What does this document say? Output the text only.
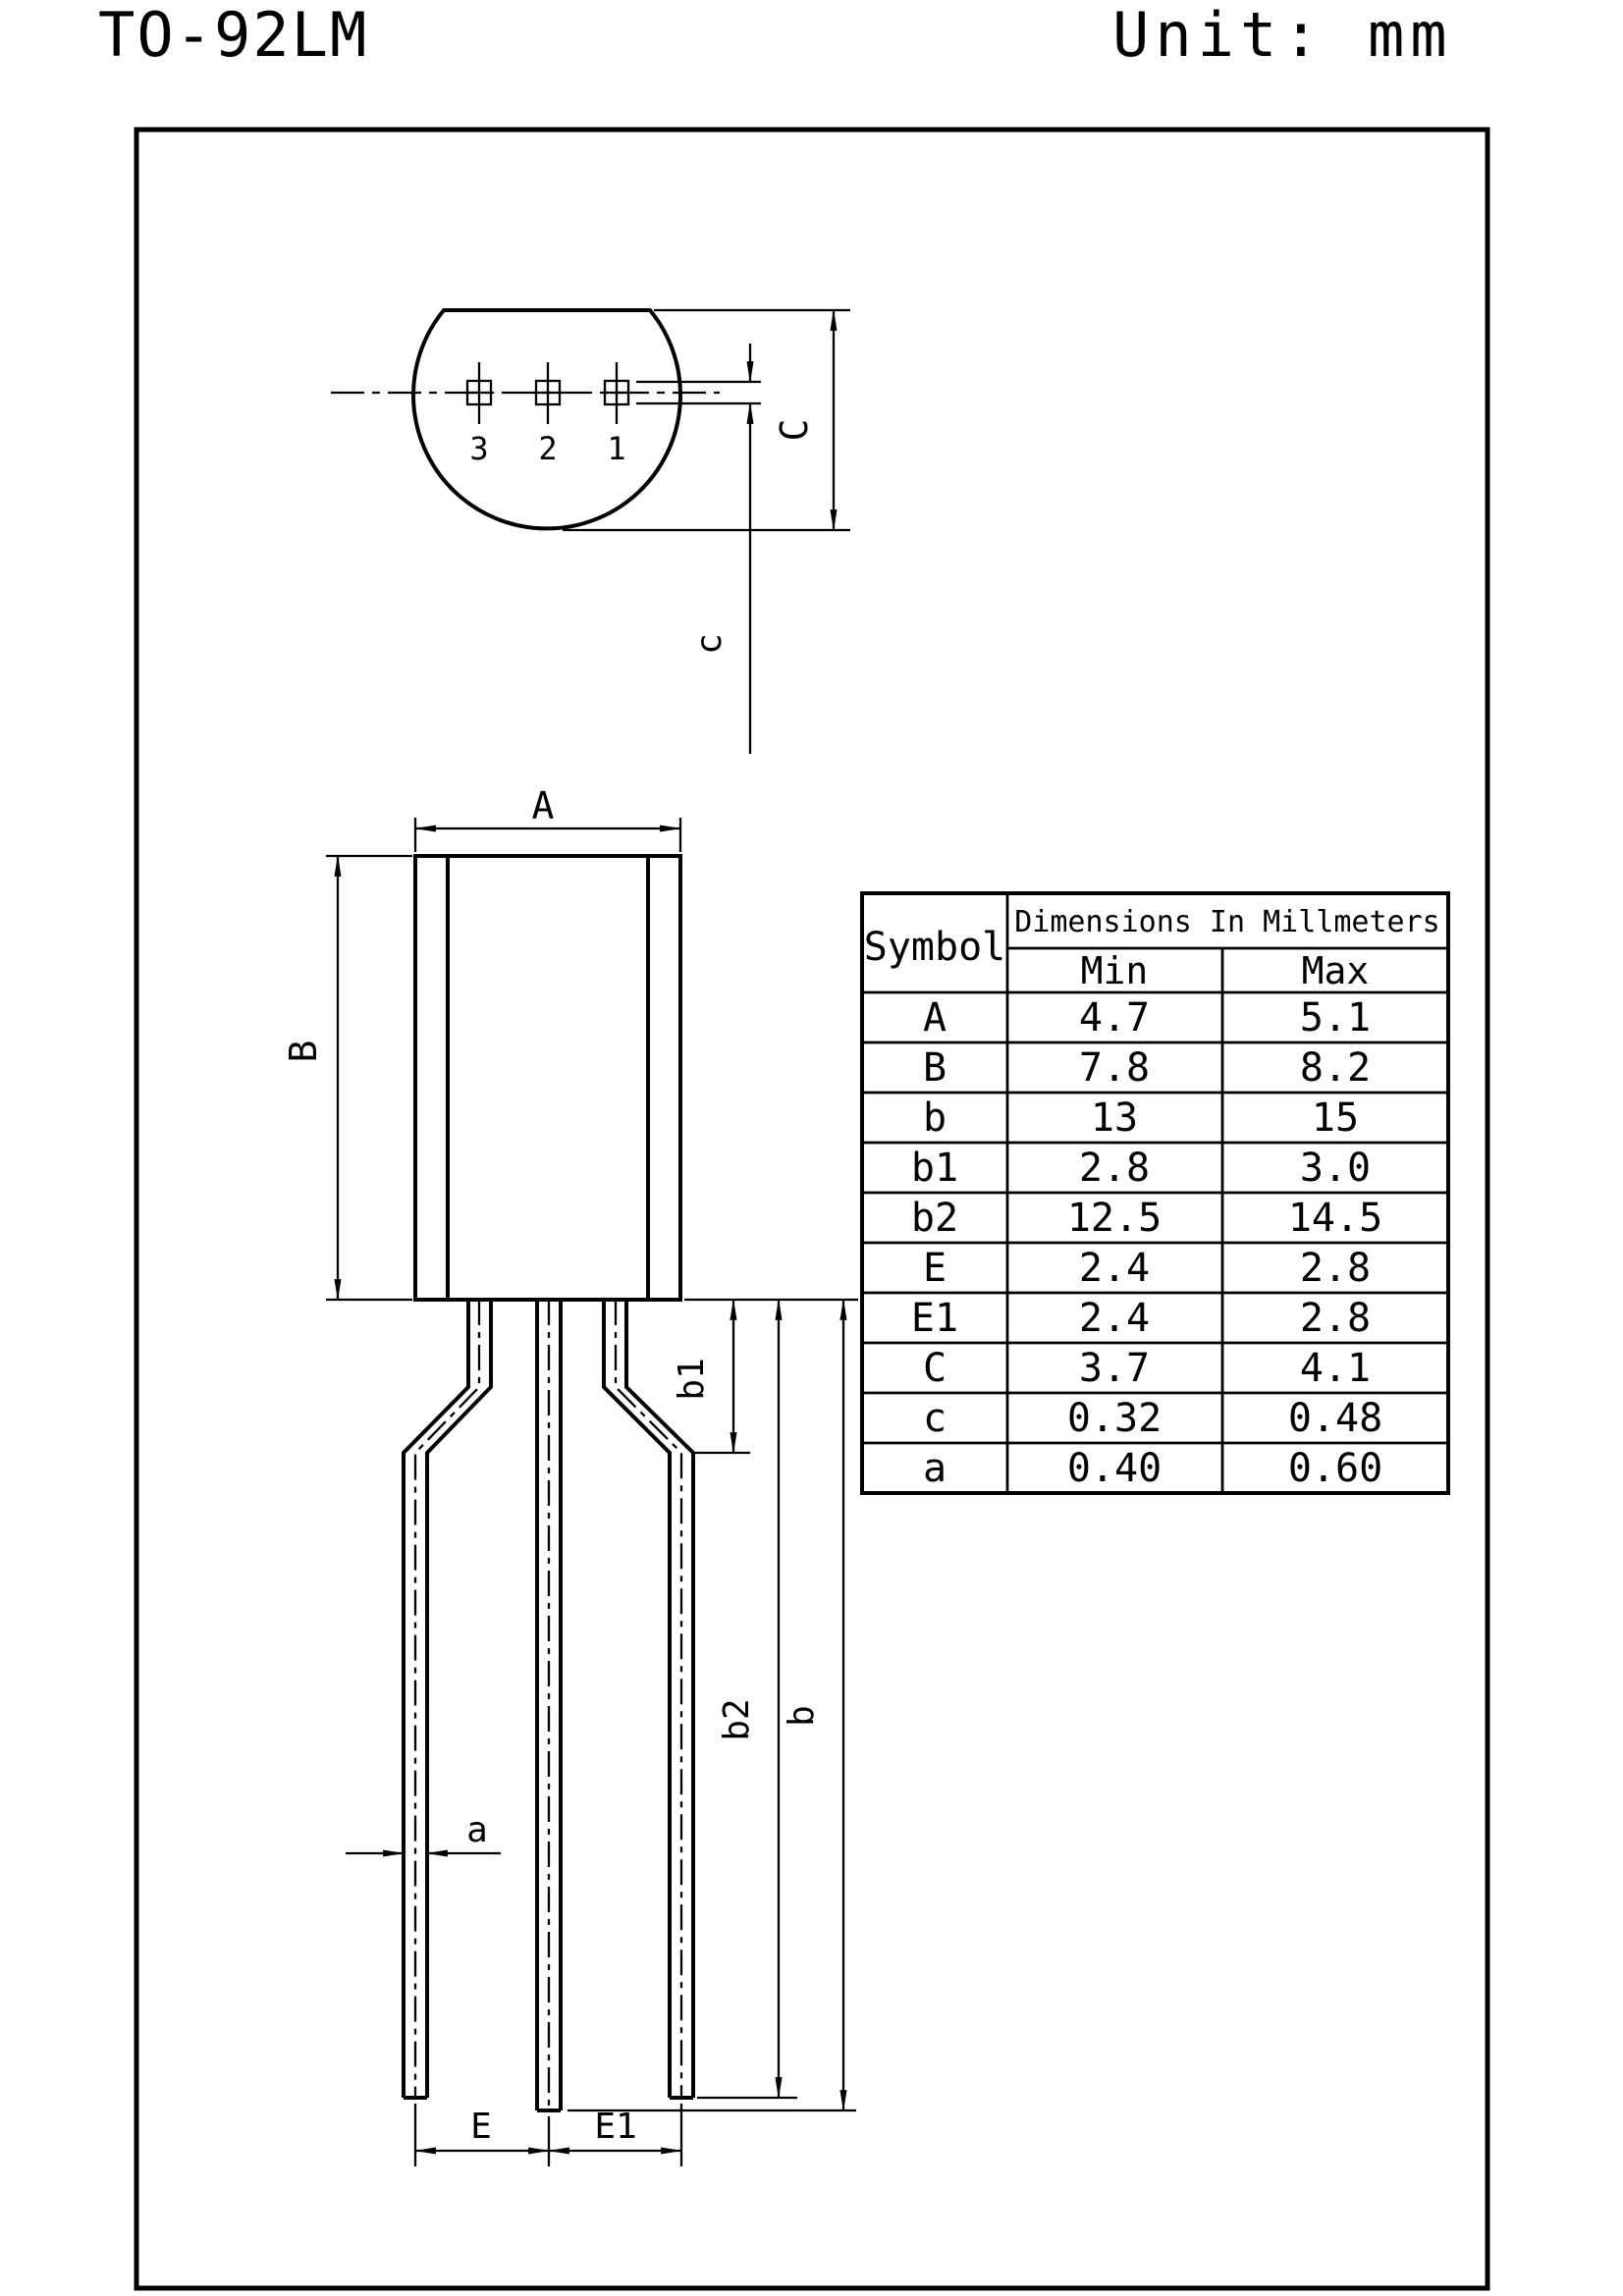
TO-92LM	Unit: mm
3 2 1
c
C
A
B
b1
b2 b
a
E	E1
Symbol
Dimensions In Millmeters
Min	Max
A	4.7	5.1
B	7.8	8.2
b	13	15
b1	2.8	3.0
b2	12.5	14.5
E	2.4	2.8
E1	2.4	2.8
C	3.7	4.1
c	0.32	0.48
a	0.40	0.60
